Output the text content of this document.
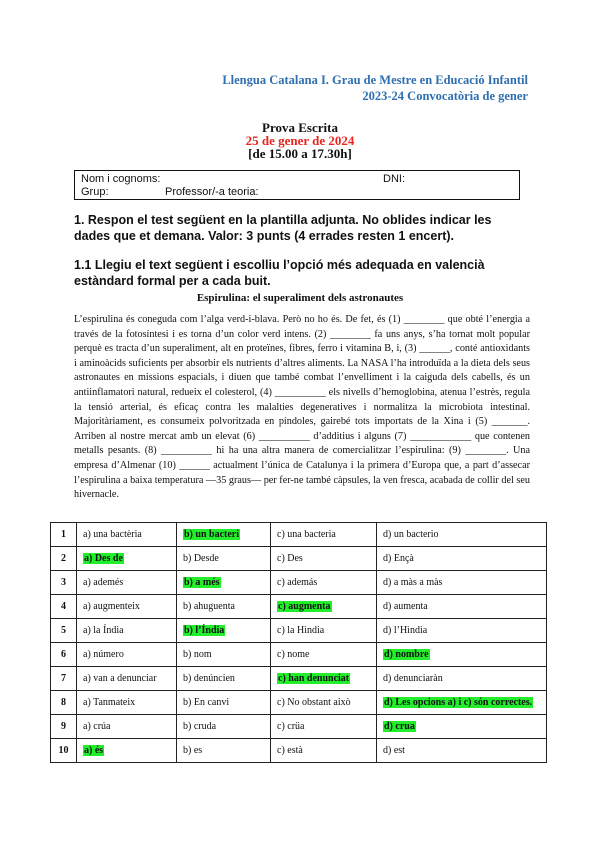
Llengua Catalana I. Grau de Mestre en Educació Infantil
2023-24 Convocatòria de gener
Prova Escrita
25 de gener de 2024
[de 15.00 a 17.30h]
Nom i cognoms:	DNI:
Grup:	Professor/-a teoria:
1. Respon el test següent en la plantilla adjunta. No oblides indicar les dades que et demana. Valor: 3 punts (4 errades resten 1 encert).
1.1 Llegiu el text següent i escolliu l’opció més adequada en valencià estàndard formal per a cada buit.
Espirulina: el superaliment dels astronautes
L’espirulina és coneguda com l’alga verd-i-blava. Però no ho és. De fet, és (1) ________ que obté l’energia a través de la fotosíntesi i es torna d’un color verd intens. (2) ________ fa uns anys, s’ha tornat molt popular perquè es tracta d’un superaliment, alt en proteïnes, fibres, ferro i vitamina B, i, (3) ______, conté antioxidants i aminoàcids suficients per absorbir els nutrients d’altres aliments. La NASA l’ha introduïda a la dieta dels seus astronautes en missions espacials, i diuen que també combat l’envelliment i la caiguda dels cabells, és un antiinflamatori natural, redueix el colesterol, (4) __________ els nivells d’hemoglobina, atenua l’estrès, regula la tensió arterial, és eficaç contra les malalties degeneratives i normalitza la microbiota intestinal. Majoritàriament, es consumeix polvoritzada en píndoles, gairebé tots importats de la Xina i (5) _______. Arriben al nostre mercat amb un elevat (6) __________ d’additius i alguns (7) ____________ que contenen metalls pesants. (8) __________ hi ha una altra manera de comercialitzar l’espirulina: (9) ________. Una empresa d’Almenar (10) ______ actualment l’única de Catalunya i la primera d’Europa que, a part d’assecar l’espirulina a baixa temperatura —35 graus— per fer-ne també càpsules, la ven fresca, acabada de collir del seu hivernacle.
1	a) una bactèria	b) un bacteri	c) una bacteria	d) un bacterio
2	a) Des de	b) Desde	c) Des	d) Ençà
3	a) ademés	b) a més	c) además	d) a màs a màs
4	a) augmenteix	b) ahuguenta	c) augmenta	d) aumenta
5	a) la Índia	b) l’Índia	c) la Hìndia	d) l’Hìndia
6	a) número	b) nom	c) nome	d) nombre
7	a) van a denunciar	b) denúncien	c) han denunciat	d) denunciaràn
8	a) Tanmateix	b) En canvi	c) No obstant això	d) Les opcions a) i c) són correctes.
9	a) crúa	b) cruda	c) crüa	d) crua
10	a) és	b) es	c) està	d) est
